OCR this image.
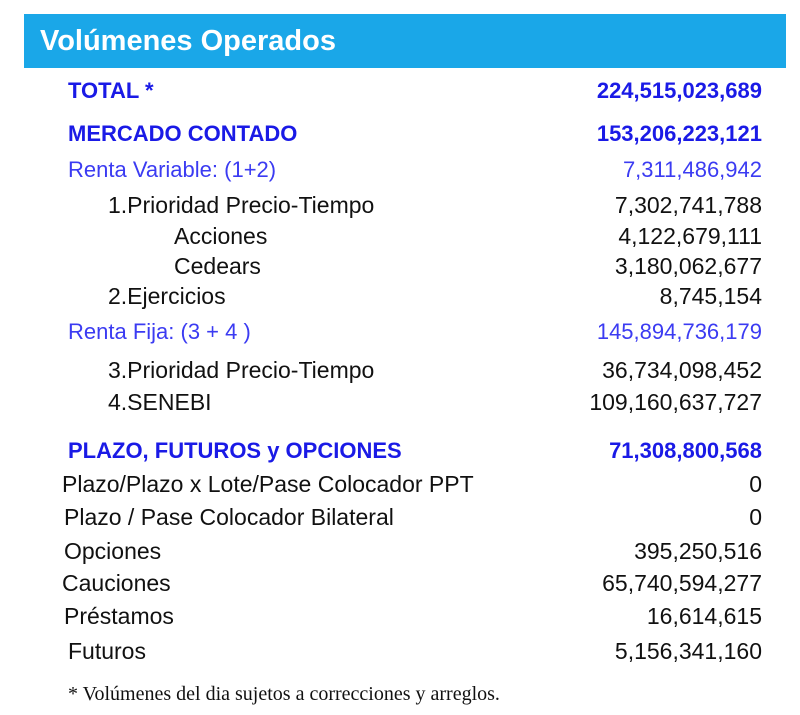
Volúmenes Operados
TOTAL *	224,515,023,689
MERCADO CONTADO	153,206,223,121
Renta Variable: (1+2)	7,311,486,942
1.Prioridad Precio-Tiempo	7,302,741,788
Acciones	4,122,679,111
Cedears	3,180,062,677
2.Ejercicios	8,745,154
Renta Fija: (3 + 4 )	145,894,736,179
3.Prioridad Precio-Tiempo	36,734,098,452
4.SENEBI	109,160,637,727
PLAZO, FUTUROS y OPCIONES	71,308,800,568
Plazo/Plazo x Lote/Pase Colocador PPT	0
Plazo / Pase Colocador Bilateral	0
Opciones	395,250,516
Cauciones	65,740,594,277
Préstamos	16,614,615
Futuros	5,156,341,160
* Volúmenes del dia sujetos a correcciones y arreglos.
